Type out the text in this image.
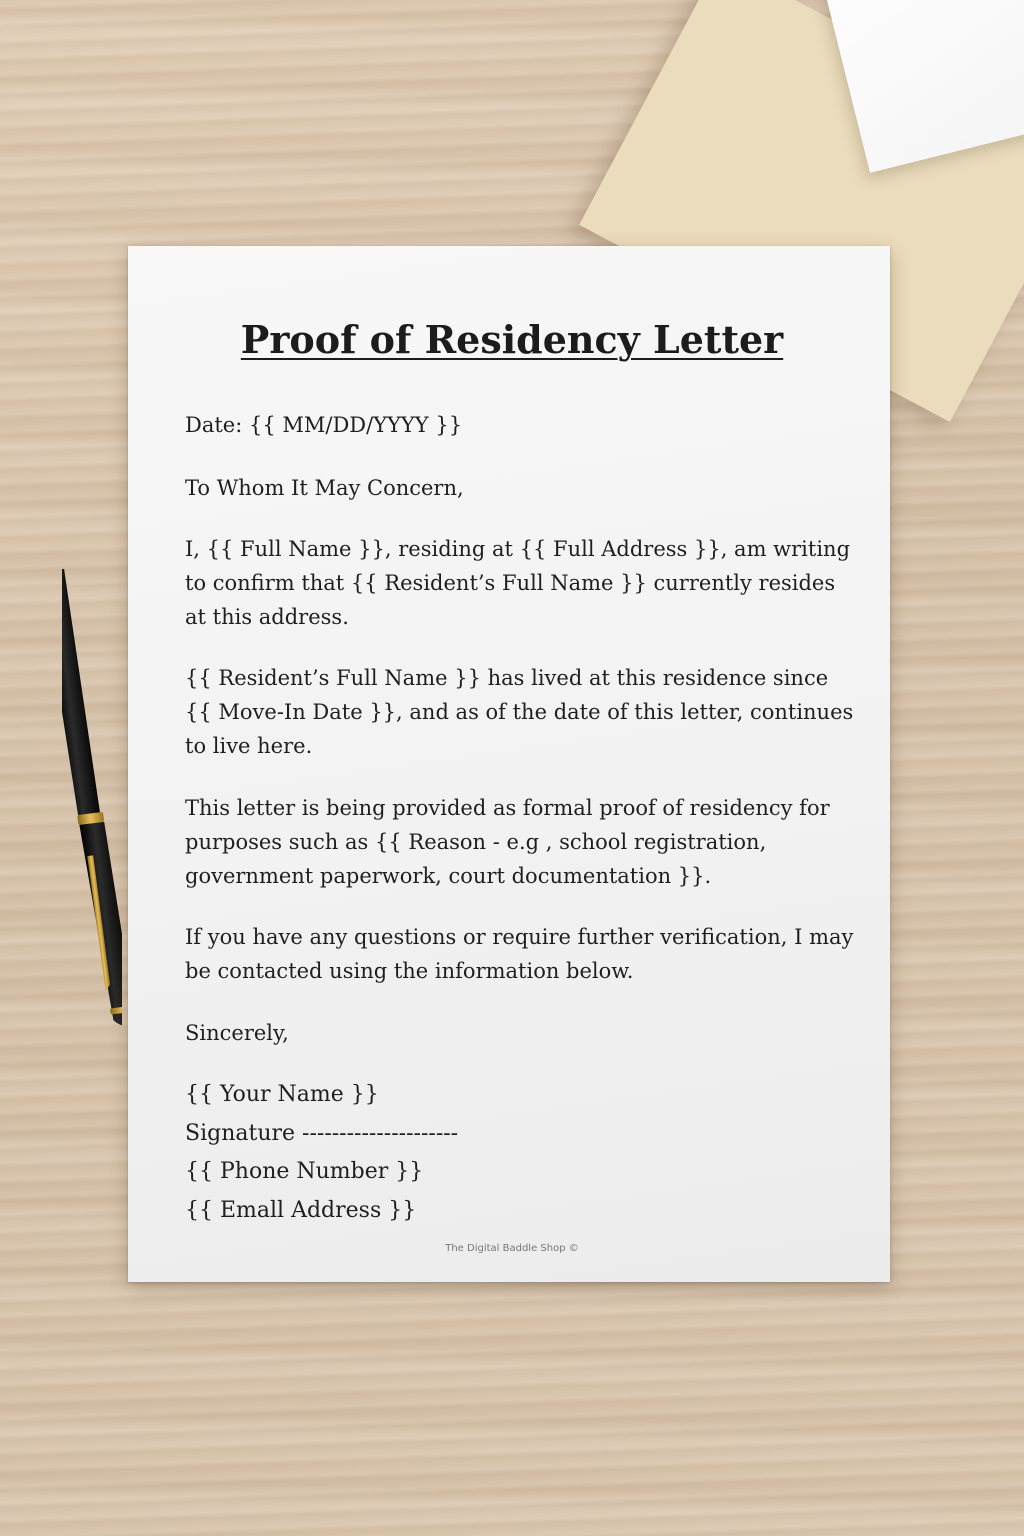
Proof of Residency Letter

Date: {{ MM/DD/YYYY }}

To Whom It May Concern,

I, {{ Full Name }}, residing at {{ Full Address }}, am writing to confirm that {{ Resident’s Full Name }} currently resides at this address.

{{ Resident’s Full Name }} has lived at this residence since {{ Move-In Date }}, and as of the date of this letter, continues to live here.

This letter is being provided as formal proof of residency for purposes such as {{ Reason - e.g , school registration, government paperwork, court documentation }}.

If you have any questions or require further verification, I may be contacted using the information below.

Sincerely,

{{ Your Name }}
Signature ---------------------
{{ Phone Number }}
{{ Emall Address }}
The Digital Baddle Shop ©
